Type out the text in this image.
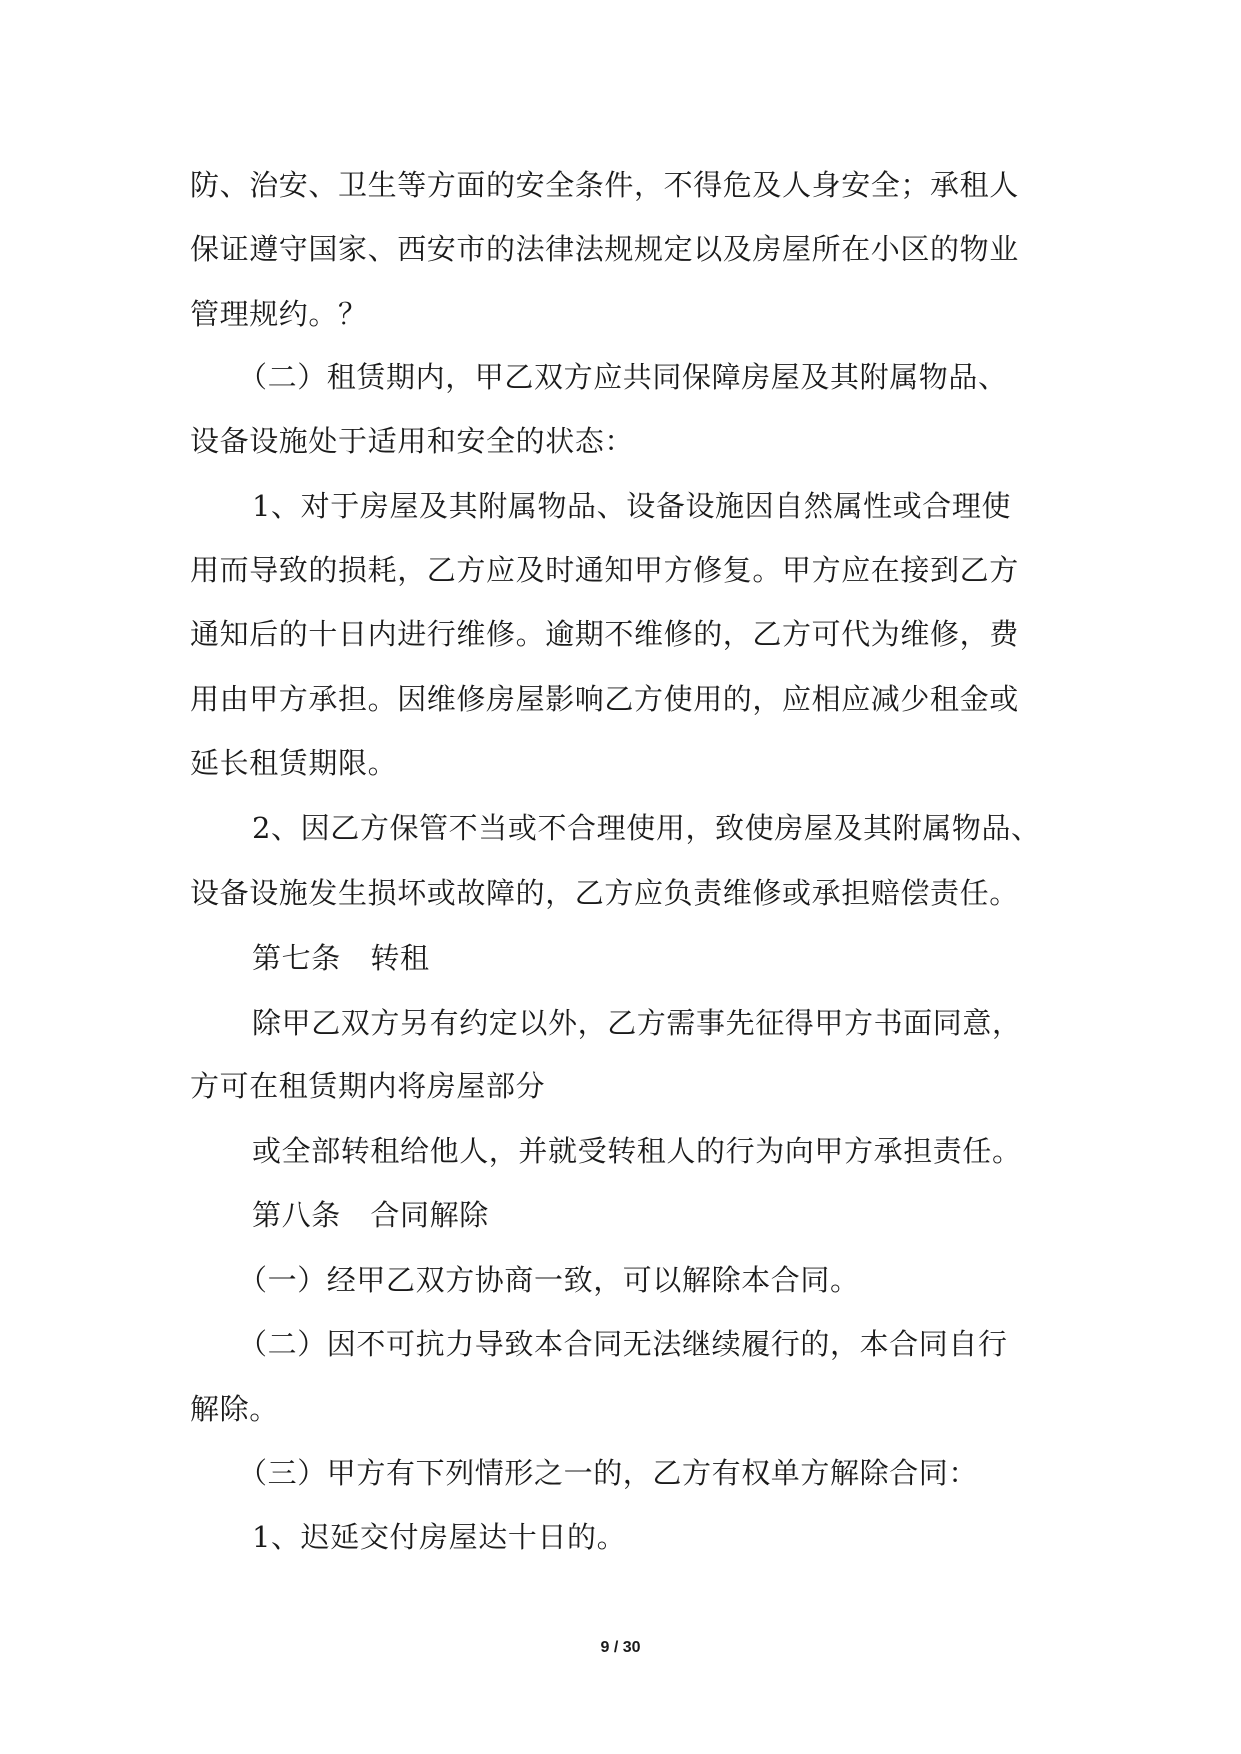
防、治安、卫生等方面的安全条件，不得危及人身安全；承租人
保证遵守国家、西安市的法律法规规定以及房屋所在小区的物业
管理规约。？
（二）租赁期内，甲乙双方应共同保障房屋及其附属物品、
设备设施处于适用和安全的状态：
1、对于房屋及其附属物品、设备设施因自然属性或合理使
用而导致的损耗，乙方应及时通知甲方修复。甲方应在接到乙方
通知后的十日内进行维修。逾期不维修的，乙方可代为维修，费
用由甲方承担。因维修房屋影响乙方使用的，应相应减少租金或
延长租赁期限。
2、因乙方保管不当或不合理使用，致使房屋及其附属物品、
设备设施发生损坏或故障的，乙方应负责维修或承担赔偿责任。
第七条　转租
除甲乙双方另有约定以外，乙方需事先征得甲方书面同意，
方可在租赁期内将房屋部分
或全部转租给他人，并就受转租人的行为向甲方承担责任。
第八条　合同解除
（一）经甲乙双方协商一致，可以解除本合同。
（二）因不可抗力导致本合同无法继续履行的，本合同自行
解除。
（三）甲方有下列情形之一的，乙方有权单方解除合同：
1、迟延交付房屋达十日的。
9 / 30
